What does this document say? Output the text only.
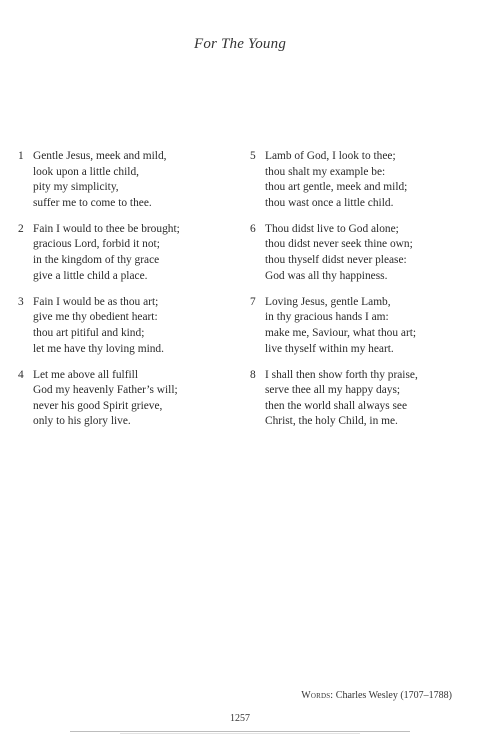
For The Young
1 Gentle Jesus, meek and mild,
look upon a little child,
pity my simplicity,
suffer me to come to thee.
2 Fain I would to thee be brought;
gracious Lord, forbid it not;
in the kingdom of thy grace
give a little child a place.
3 Fain I would be as thou art;
give me thy obedient heart:
thou art pitiful and kind;
let me have thy loving mind.
4 Let me above all fulfill
God my heavenly Father’s will;
never his good Spirit grieve,
only to his glory live.
5 Lamb of God, I look to thee;
thou shalt my example be:
thou art gentle, meek and mild;
thou wast once a little child.
6 Thou didst live to God alone;
thou didst never seek thine own;
thou thyself didst never please:
God was all thy happiness.
7 Loving Jesus, gentle Lamb,
in thy gracious hands I am:
make me, Saviour, what thou art;
live thyself within my heart.
8 I shall then show forth thy praise,
serve thee all my happy days;
then the world shall always see
Christ, the holy Child, in me.
Words: Charles Wesley (1707–1788)
1257
